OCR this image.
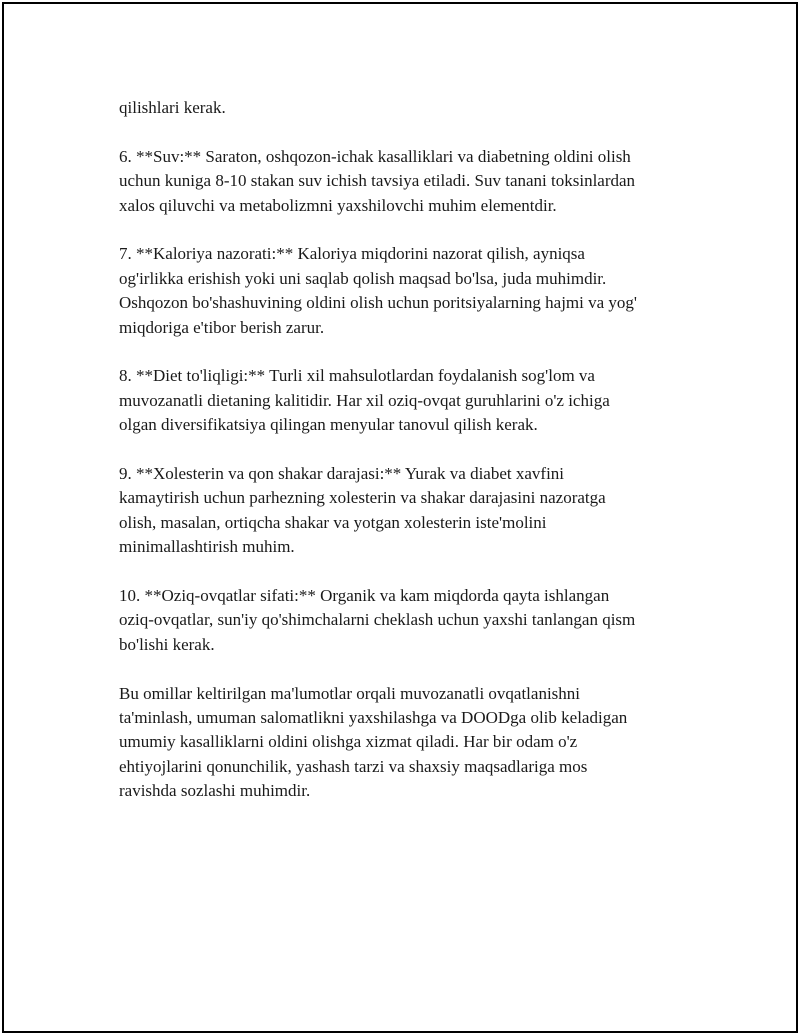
qilishlari kerak.

6. **Suv:** Saraton, oshqozon-ichak kasalliklari va diabetning oldini olish
uchun kuniga 8-10 stakan suv ichish tavsiya etiladi. Suv tanani toksinlardan
xalos qiluvchi va metabolizmni yaxshilovchi muhim elementdir.

7. **Kaloriya nazorati:** Kaloriya miqdorini nazorat qilish, ayniqsa
og'irlikka erishish yoki uni saqlab qolish maqsad bo'lsa, juda muhimdir.
Oshqozon bo'shashuvining oldini olish uchun poritsiyalarning hajmi va yog'
miqdoriga e'tibor berish zarur.

8. **Diet to'liqligi:** Turli xil mahsulotlardan foydalanish sog'lom va
muvozanatli dietaning kalitidir. Har xil oziq-ovqat guruhlarini o'z ichiga
olgan diversifikatsiya qilingan menyular tanovul qilish kerak.

9. **Xolesterin va qon shakar darajasi:** Yurak va diabet xavfini
kamaytirish uchun parhezning xolesterin va shakar darajasini nazoratga
olish, masalan, ortiqcha shakar va yotgan xolesterin iste'molini
minimallashtirish muhim.

10. **Oziq-ovqatlar sifati:** Organik va kam miqdorda qayta ishlangan
oziq-ovqatlar, sun'iy qo'shimchalarni cheklash uchun yaxshi tanlangan qism
bo'lishi kerak.

Bu omillar keltirilgan ma'lumotlar orqali muvozanatli ovqatlanishni
ta'minlash, umuman salomatlikni yaxshilashga va DOODga olib keladigan
umumiy kasalliklarni oldini olishga xizmat qiladi. Har bir odam o'z
ehtiyojlarini qonunchilik, yashash tarzi va shaxsiy maqsadlariga mos
ravishda sozlashi muhimdir.
